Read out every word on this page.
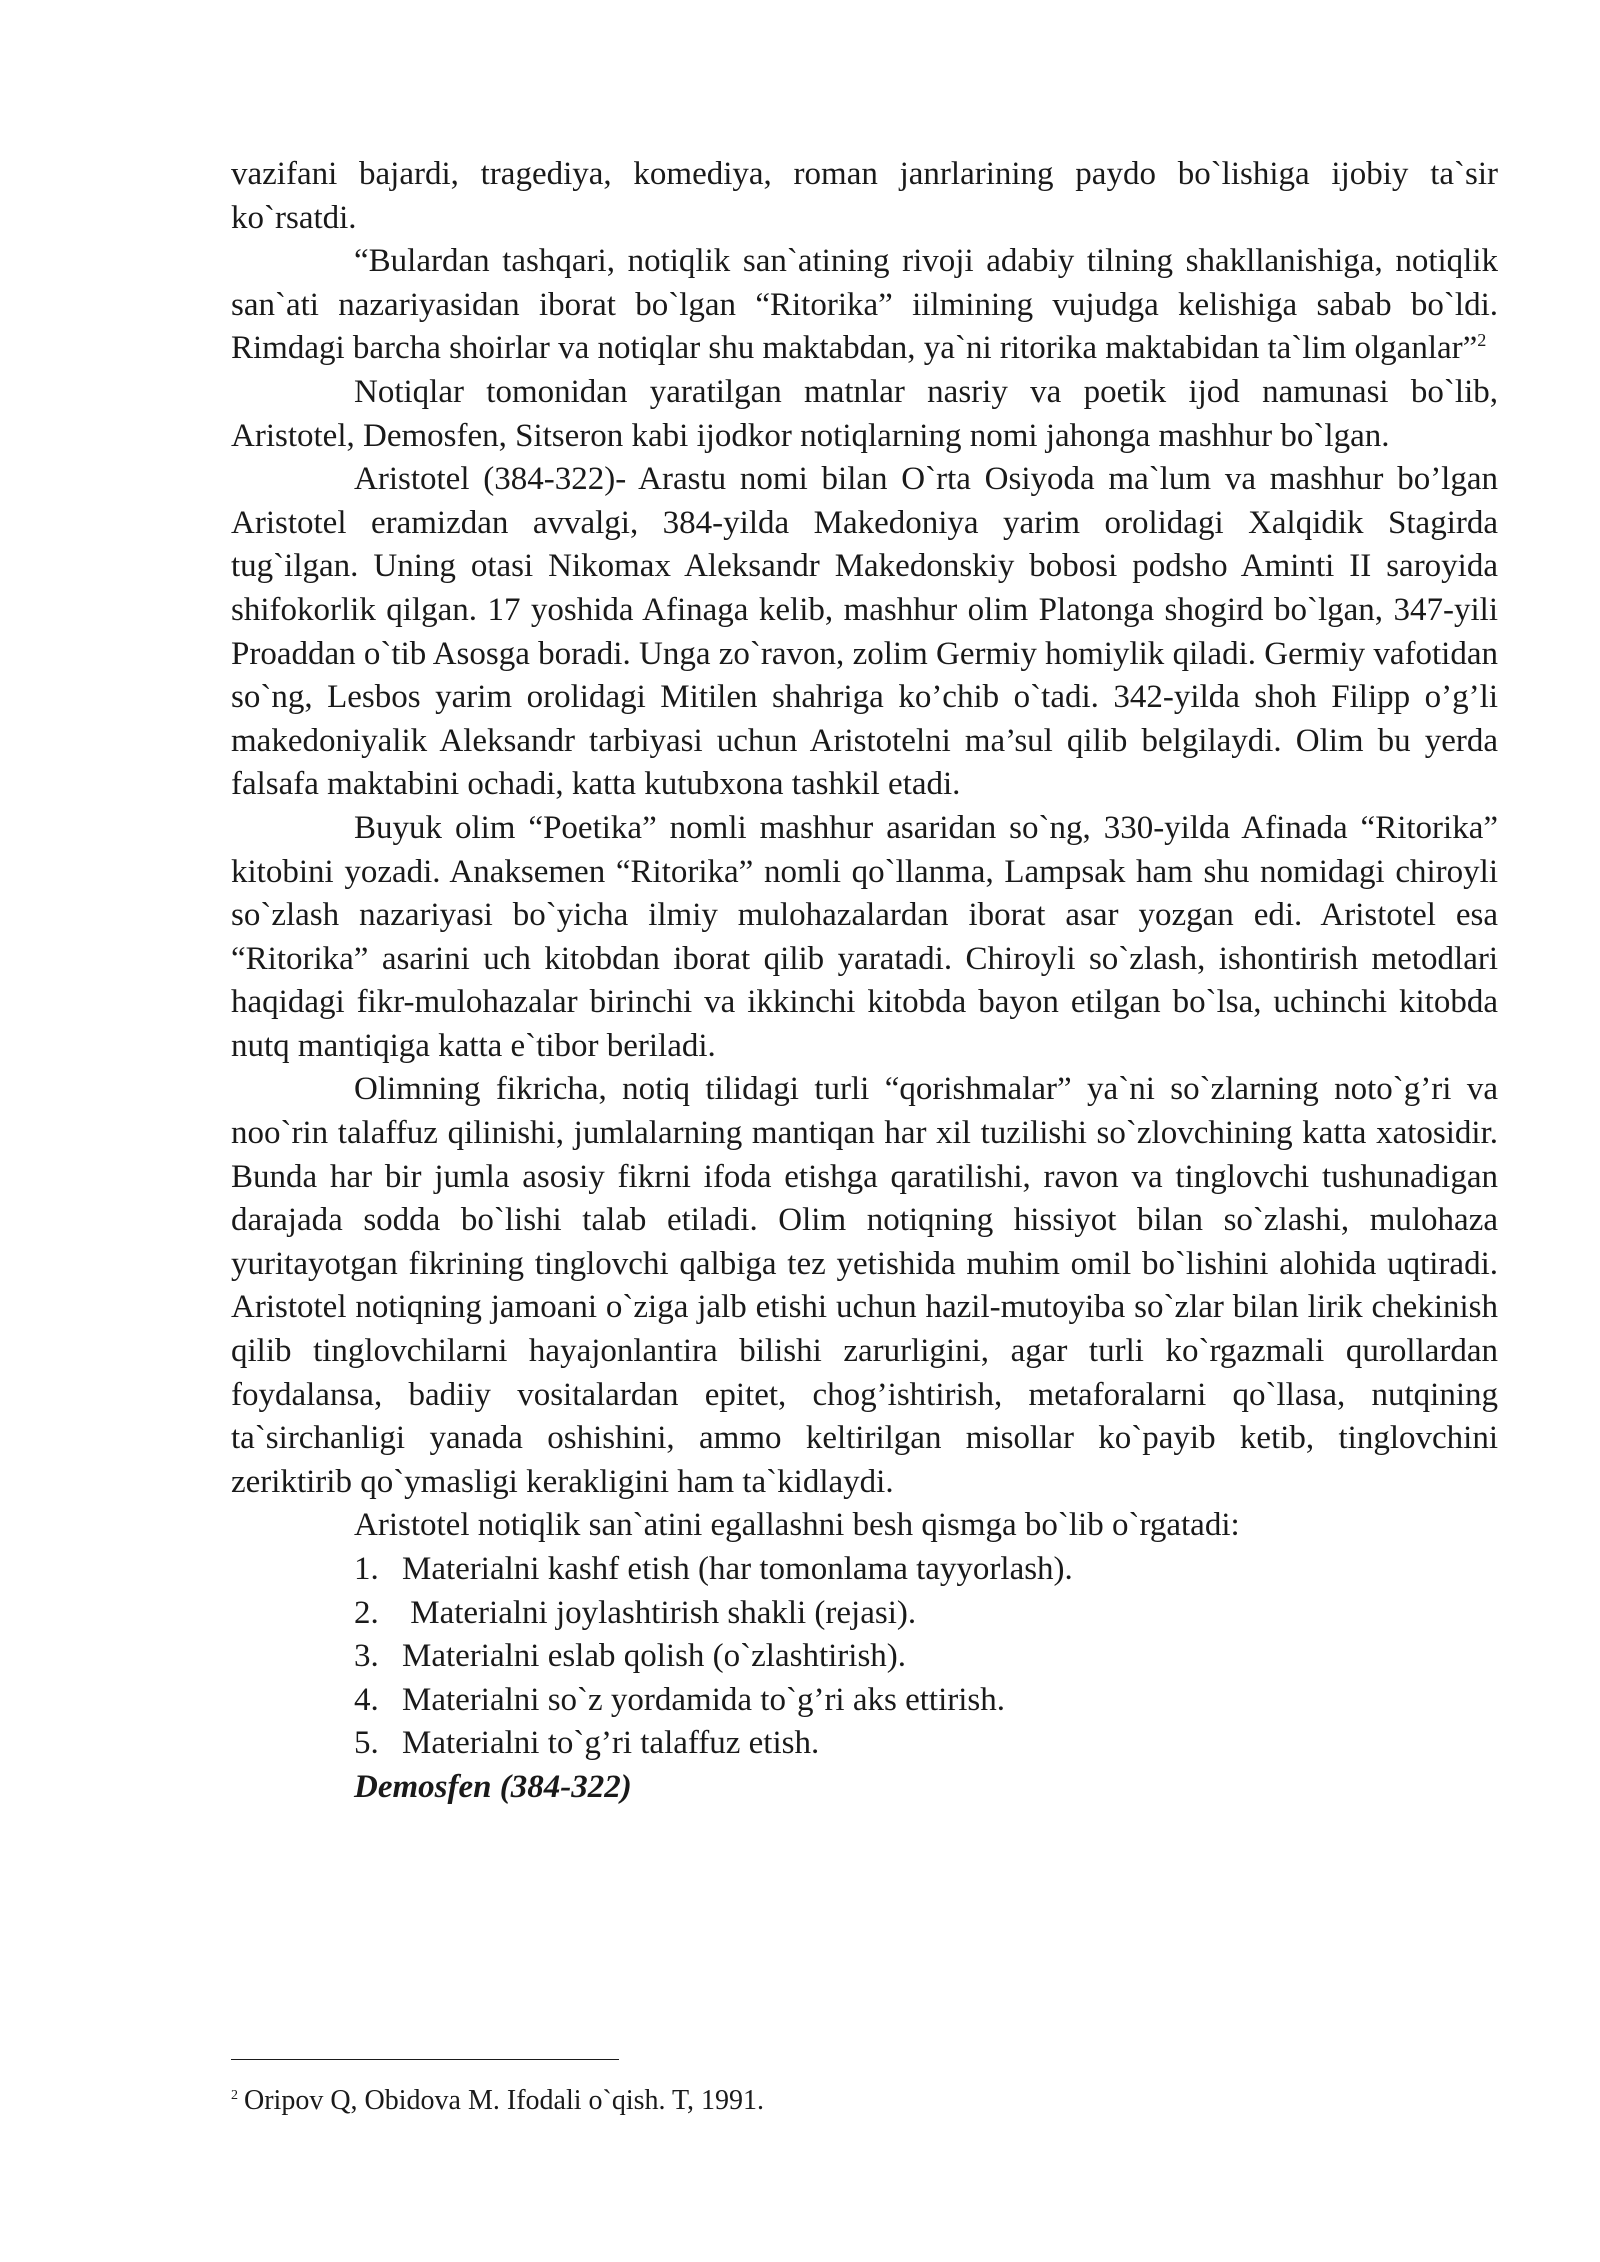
vazifani bajardi, tragediya, komediya, roman janrlarining paydo bo`lishiga ijobiy ta`sir ko`rsatdi.

“Bulardan tashqari, notiqlik san`atining rivoji adabiy tilning shakllanishiga, notiqlik san`ati nazariyasidan iborat bo`lgan “Ritorika” iilmining vujudga kelishiga sabab bo`ldi. Rimdagi barcha shoirlar va notiqlar shu maktabdan, ya`ni ritorika maktabidan ta`lim olganlar”$^2$

Notiqlar tomonidan yaratilgan matnlar nasriy va poetik ijod namunasi bo`lib, Aristotel, Demosfen, Sitseron kabi ijodkor notiqlarning nomi jahonga mashhur bo`lgan.

Aristotel (384-322)- Arastu nomi bilan O`rta Osiyoda ma`lum va mashhur bo’lgan Aristotel eramizdan avvalgi, 384-yilda Makedoniya yarim orolidagi Xalqidik Stagirda tug`ilgan. Uning otasi Nikomax Aleksandr Makedonskiy bobosi podsho Aminti II saroyida shifokorlik qilgan. 17 yoshida Afinaga kelib, mashhur olim Platonga shogird bo`lgan, 347-yili Proaddan o`tib Asosga boradi. Unga zo`ravon, zolim Germiy homiylik qiladi. Germiy vafotidan so`ng, Lesbos yarim orolidagi Mitilen shahriga ko’chib o`tadi. 342-yilda shoh Filipp o’g’li makedoniyalik Aleksandr tarbiyasi uchun Aristotelni ma’sul qilib belgilaydi. Olim bu yerda falsafa maktabini ochadi, katta kutubxona tashkil etadi.

Buyuk olim “Poetika” nomli mashhur asaridan so`ng, 330-yilda Afinada “Ritorika” kitobini yozadi. Anaksemen “Ritorika” nomli qo`llanma, Lampsak ham shu nomidagi chiroyli so`zlash nazariyasi bo`yicha ilmiy mulohazalardan iborat asar yozgan edi. Aristotel esa “Ritorika” asarini uch kitobdan iborat qilib yaratadi. Chiroyli so`zlash, ishontirish metodlari haqidagi fikr-mulohazalar birinchi va ikkinchi kitobda bayon etilgan bo`lsa, uchinchi kitobda nutq mantiqiga katta e`tibor beriladi.

Olimning fikricha, notiq tilidagi turli “qorishmalar” ya`ni so`zlarning noto`g’ri va noo`rin talaffuz qilinishi, jumlalarning mantiqan har xil tuzilishi so`zlovchining katta xatosidir. Bunda har bir jumla asosiy fikrni ifoda etishga qaratilishi, ravon va tinglovchi tushunadigan darajada sodda bo`lishi talab etiladi. Olim notiqning hissiyot bilan so`zlashi, mulohaza yuritayotgan fikrining tinglovchi qalbiga tez yetishida muhim omil bo`lishini alohida uqtiradi. Aristotel notiqning jamoani o`ziga jalb etishi uchun hazil-mutoyiba so`zlar bilan lirik chekinish qilib tinglovchilarni hayajonlantira bilishi zarurligini, agar turli ko`rgazmali qurollardan foydalansa, badiiy vositalardan epitet, chog’ishtirish, metaforalarni qo`llasa, nutqining ta`sirchanligi yanada oshishini, ammo keltirilgan misollar ko`payib ketib, tinglovchini zeriktirib qo`ymasligi kerakligini ham ta`kidlaydi.

Aristotel notiqlik san`atini egallashni besh qismga bo`lib o`rgatadi:

1. Materialni kashf etish (har tomonlama tayyorlash).
2. Materialni joylashtirish shakli (rejasi).
3. Materialni eslab qolish (o`zlashtirish).
4. Materialni so`z yordamida to`g’ri aks ettirish.
5. Materialni to`g’ri talaffuz etish.

Demosfen (384-322)

$^2$ Oripov Q, Obidova M. Ifodali o`qish. T, 1991.
